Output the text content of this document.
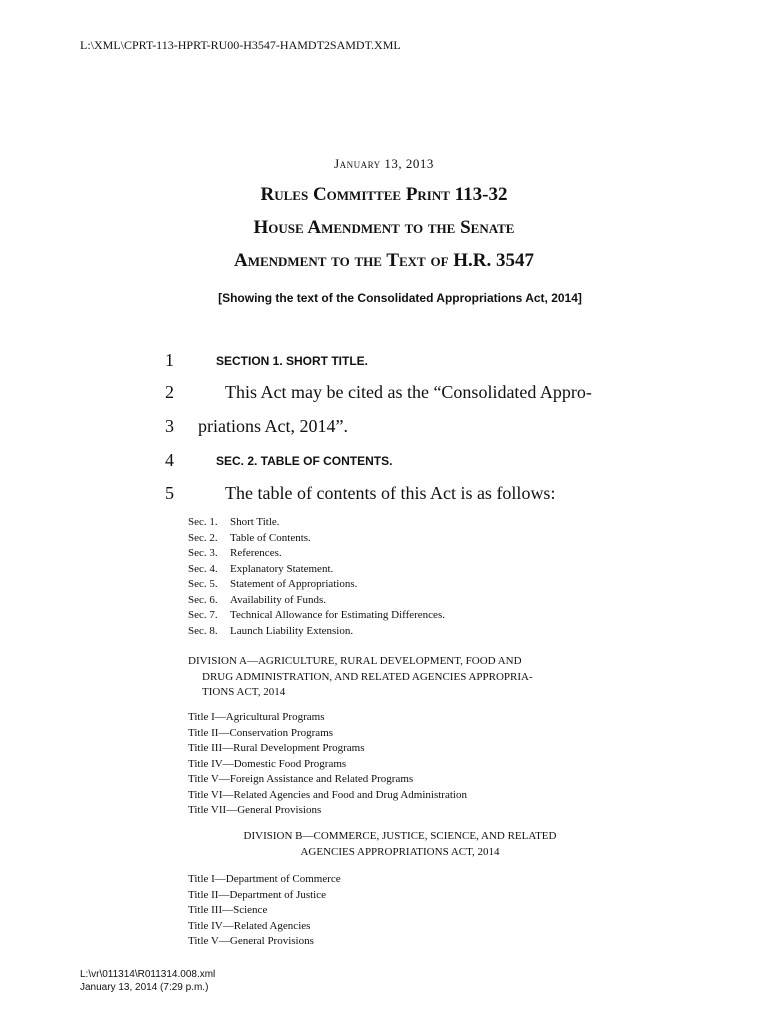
L:\XML\CPRT-113-HPRT-RU00-H3547-HAMDT2SAMDT.XML
January 13, 2013
Rules Committee Print 113-32
House Amendment to the Senate
Amendment to the Text of H.R. 3547
[Showing the text of the Consolidated Appropriations Act, 2014]
1	SECTION 1. SHORT TITLE.
2	This Act may be cited as the “Consolidated Appro-
3	priations Act, 2014”.
4	SEC. 2. TABLE OF CONTENTS.
5	The table of contents of this Act is as follows:
Sec. 1.	Short Title.
Sec. 2.	Table of Contents.
Sec. 3.	References.
Sec. 4.	Explanatory Statement.
Sec. 5.	Statement of Appropriations.
Sec. 6.	Availability of Funds.
Sec. 7.	Technical Allowance for Estimating Differences.
Sec. 8.	Launch Liability Extension.
DIVISION A—AGRICULTURE, RURAL DEVELOPMENT, FOOD AND
DRUG ADMINISTRATION, AND RELATED AGENCIES APPROPRIA-
TIONS ACT, 2014
Title I—Agricultural Programs
Title II—Conservation Programs
Title III—Rural Development Programs
Title IV—Domestic Food Programs
Title V—Foreign Assistance and Related Programs
Title VI—Related Agencies and Food and Drug Administration
Title VII—General Provisions
DIVISION B—COMMERCE, JUSTICE, SCIENCE, AND RELATED
AGENCIES APPROPRIATIONS ACT, 2014
Title I—Department of Commerce
Title II—Department of Justice
Title III—Science
Title IV—Related Agencies
Title V—General Provisions
L:\vr\011314\R011314.008.xml
January 13, 2014 (7:29 p.m.)
